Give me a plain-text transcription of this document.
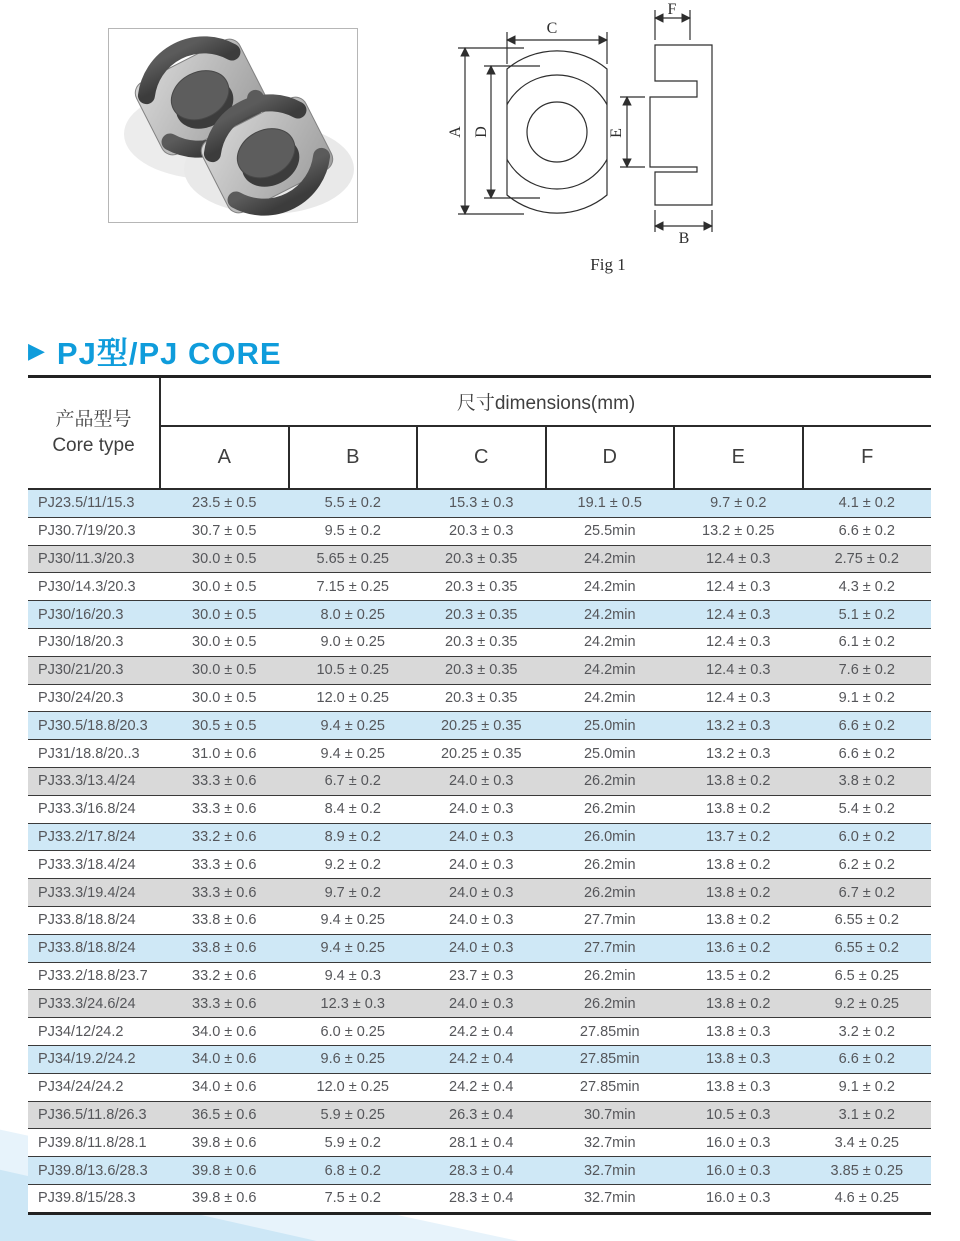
C
A D
F
E
B
Fig 1
▶ PJ型/PJ CORE
产品型号
Core type	尺寸dimensions(mm)					
	A	B	C	D	E	F
PJ23.5/11/15.3	23.5 ± 0.5	5.5 ± 0.2	15.3 ± 0.3	19.1 ± 0.5	9.7 ± 0.2	4.1 ± 0.2
PJ30.7/19/20.3	30.7 ± 0.5	9.5 ± 0.2	20.3 ± 0.3	25.5min	13.2 ± 0.25	6.6 ± 0.2
PJ30/11.3/20.3	30.0 ± 0.5	5.65 ± 0.25	20.3 ± 0.35	24.2min	12.4 ± 0.3	2.75 ± 0.2
PJ30/14.3/20.3	30.0 ± 0.5	7.15 ± 0.25	20.3 ± 0.35	24.2min	12.4 ± 0.3	4.3 ± 0.2
PJ30/16/20.3	30.0 ± 0.5	8.0 ± 0.25	20.3 ± 0.35	24.2min	12.4 ± 0.3	5.1 ± 0.2
PJ30/18/20.3	30.0 ± 0.5	9.0 ± 0.25	20.3 ± 0.35	24.2min	12.4 ± 0.3	6.1 ± 0.2
PJ30/21/20.3	30.0 ± 0.5	10.5 ± 0.25	20.3 ± 0.35	24.2min	12.4 ± 0.3	7.6 ± 0.2
PJ30/24/20.3	30.0 ± 0.5	12.0 ± 0.25	20.3 ± 0.35	24.2min	12.4 ± 0.3	9.1 ± 0.2
PJ30.5/18.8/20.3	30.5 ± 0.5	9.4 ± 0.25	20.25 ± 0.35	25.0min	13.2 ± 0.3	6.6 ± 0.2
PJ31/18.8/20..3	31.0 ± 0.6	9.4 ± 0.25	20.25 ± 0.35	25.0min	13.2 ± 0.3	6.6 ± 0.2
PJ33.3/13.4/24	33.3 ± 0.6	6.7 ± 0.2	24.0 ± 0.3	26.2min	13.8 ± 0.2	3.8 ± 0.2
PJ33.3/16.8/24	33.3 ± 0.6	8.4 ± 0.2	24.0 ± 0.3	26.2min	13.8 ± 0.2	5.4 ± 0.2
PJ33.2/17.8/24	33.2 ± 0.6	8.9 ± 0.2	24.0 ± 0.3	26.0min	13.7 ± 0.2	6.0 ± 0.2
PJ33.3/18.4/24	33.3 ± 0.6	9.2 ± 0.2	24.0 ± 0.3	26.2min	13.8 ± 0.2	6.2 ± 0.2
PJ33.3/19.4/24	33.3 ± 0.6	9.7 ± 0.2	24.0 ± 0.3	26.2min	13.8 ± 0.2	6.7 ± 0.2
PJ33.8/18.8/24	33.8 ± 0.6	9.4 ± 0.25	24.0 ± 0.3	27.7min	13.8 ± 0.2	6.55 ± 0.2
PJ33.8/18.8/24	33.8 ± 0.6	9.4 ± 0.25	24.0 ± 0.3	27.7min	13.6 ± 0.2	6.55 ± 0.2
PJ33.2/18.8/23.7	33.2 ± 0.6	9.4 ± 0.3	23.7 ± 0.3	26.2min	13.5 ± 0.2	6.5 ± 0.25
PJ33.3/24.6/24	33.3 ± 0.6	12.3 ± 0.3	24.0 ± 0.3	26.2min	13.8 ± 0.2	9.2 ± 0.25
PJ34/12/24.2	34.0 ± 0.6	6.0 ± 0.25	24.2 ± 0.4	27.85min	13.8 ± 0.3	3.2 ± 0.2
PJ34/19.2/24.2	34.0 ± 0.6	9.6 ± 0.25	24.2 ± 0.4	27.85min	13.8 ± 0.3	6.6 ± 0.2
PJ34/24/24.2	34.0 ± 0.6	12.0 ± 0.25	24.2 ± 0.4	27.85min	13.8 ± 0.3	9.1 ± 0.2
PJ36.5/11.8/26.3	36.5 ± 0.6	5.9 ± 0.25	26.3 ± 0.4	30.7min	10.5 ± 0.3	3.1 ± 0.2
PJ39.8/11.8/28.1	39.8 ± 0.6	5.9 ± 0.2	28.1 ± 0.4	32.7min	16.0 ± 0.3	3.4 ± 0.25
PJ39.8/13.6/28.3	39.8 ± 0.6	6.8 ± 0.2	28.3 ± 0.4	32.7min	16.0 ± 0.3	3.85 ± 0.25
PJ39.8/15/28.3	39.8 ± 0.6	7.5 ± 0.2	28.3 ± 0.4	32.7min	16.0 ± 0.3	4.6 ± 0.25
